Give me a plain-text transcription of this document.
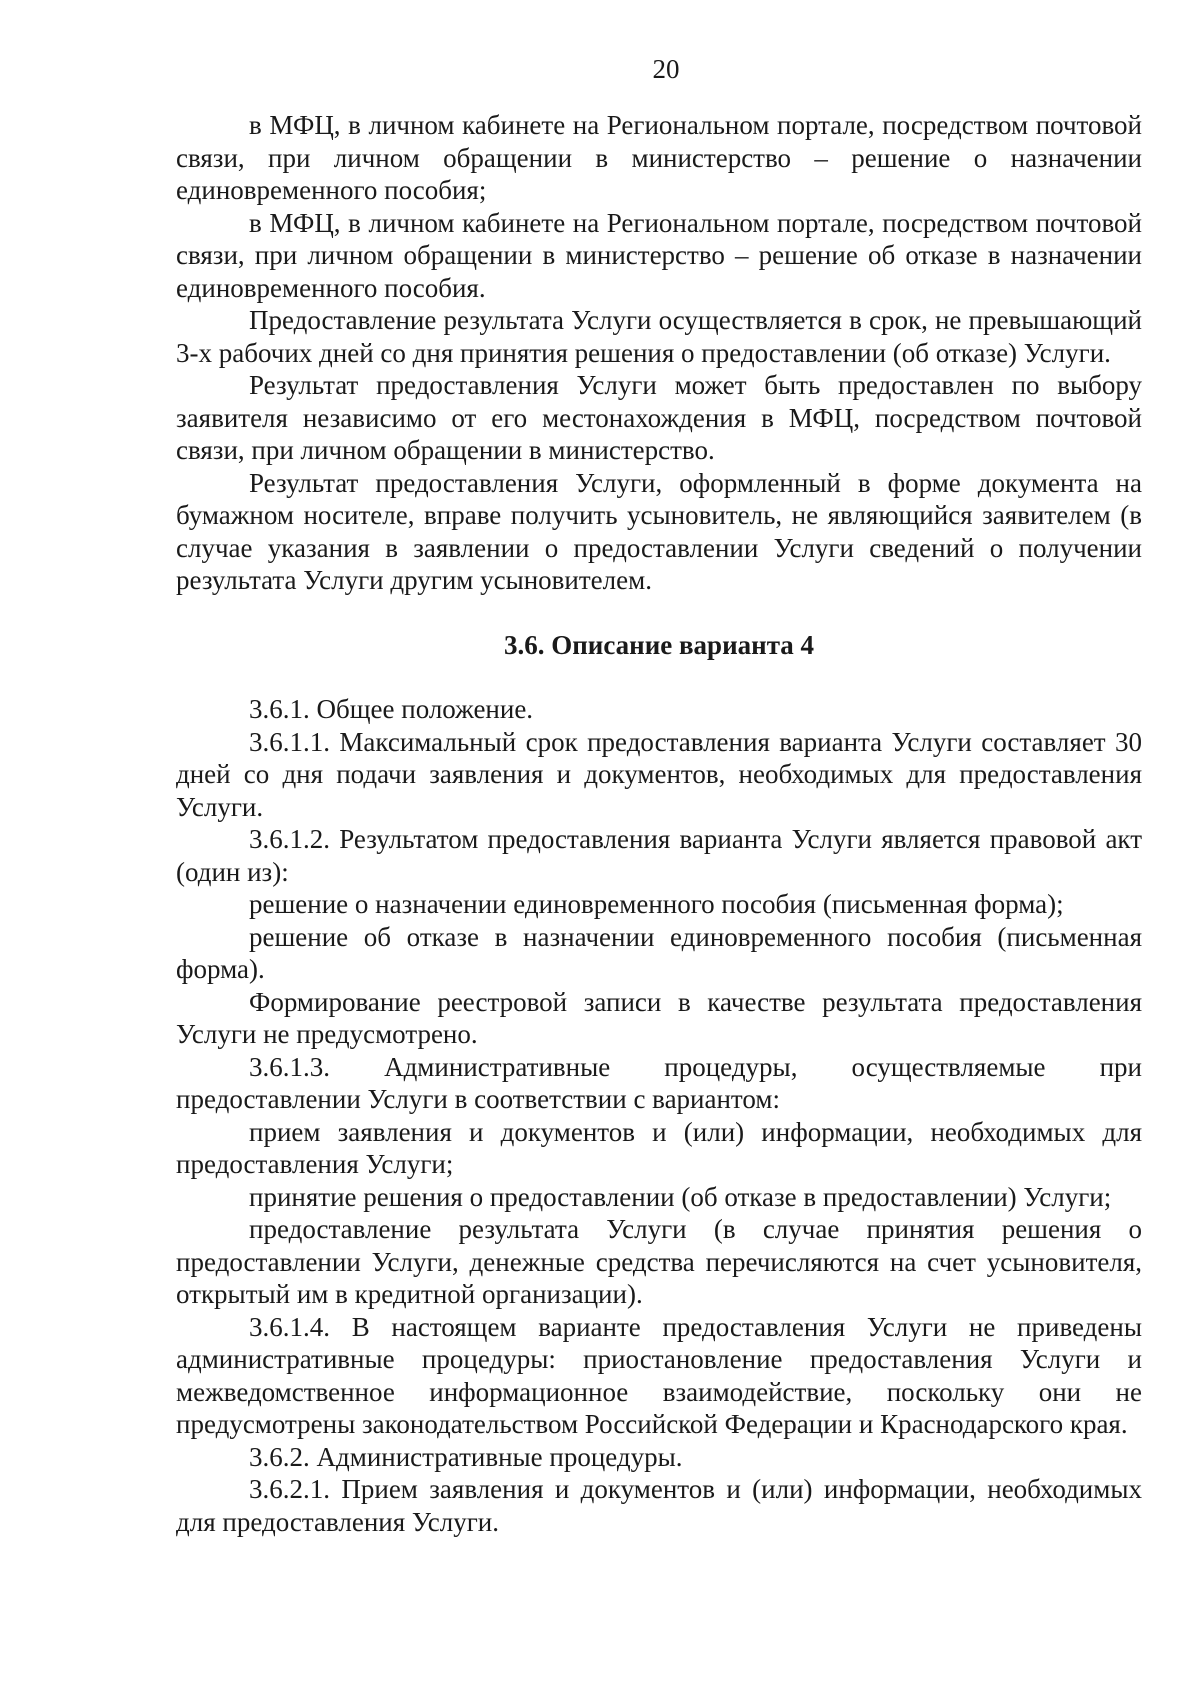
20

в МФЦ, в личном кабинете на Региональном портале, посредством почтовой связи, при личном обращении в министерство – решение о назначении единовременного пособия;

в МФЦ, в личном кабинете на Региональном портале, посредством почтовой связи, при личном обращении в министерство – решение об отказе в назначении единовременного пособия.

Предоставление результата Услуги осуществляется в срок, не превышающий 3-х рабочих дней со дня принятия решения о предоставлении (об отказе) Услуги.

Результат предоставления Услуги может быть предоставлен по выбору заявителя независимо от его местонахождения в МФЦ, посредством почтовой связи, при личном обращении в министерство.

Результат предоставления Услуги, оформленный в форме документа на бумажном носителе, вправе получить усыновитель, не являющийся заявителем (в случае указания в заявлении о предоставлении Услуги сведений о получении результата Услуги другим усыновителем.

3.6. Описание варианта 4

3.6.1. Общее положение.

3.6.1.1. Максимальный срок предоставления варианта Услуги составляет 30 дней со дня подачи заявления и документов, необходимых для предоставления Услуги.

3.6.1.2. Результатом предоставления варианта Услуги является правовой акт (один из):

решение о назначении единовременного пособия (письменная форма);

решение об отказе в назначении единовременного пособия (письменная форма).

Формирование реестровой записи в качестве результата предоставления Услуги не предусмотрено.

3.6.1.3. Административные процедуры, осуществляемые при предоставлении Услуги в соответствии с вариантом:

прием заявления и документов и (или) информации, необходимых для предоставления Услуги;

принятие решения о предоставлении (об отказе в предоставлении) Услуги;

предоставление результата Услуги (в случае принятия решения о предоставлении Услуги, денежные средства перечисляются на счет усыновителя, открытый им в кредитной организации).

3.6.1.4. В настоящем варианте предоставления Услуги не приведены административные процедуры: приостановление предоставления Услуги и межведомственное информационное взаимодействие, поскольку они не предусмотрены законодательством Российской Федерации и Краснодарского края.

3.6.2. Административные процедуры.

3.6.2.1. Прием заявления и документов и (или) информации, необходимых для предоставления Услуги.
